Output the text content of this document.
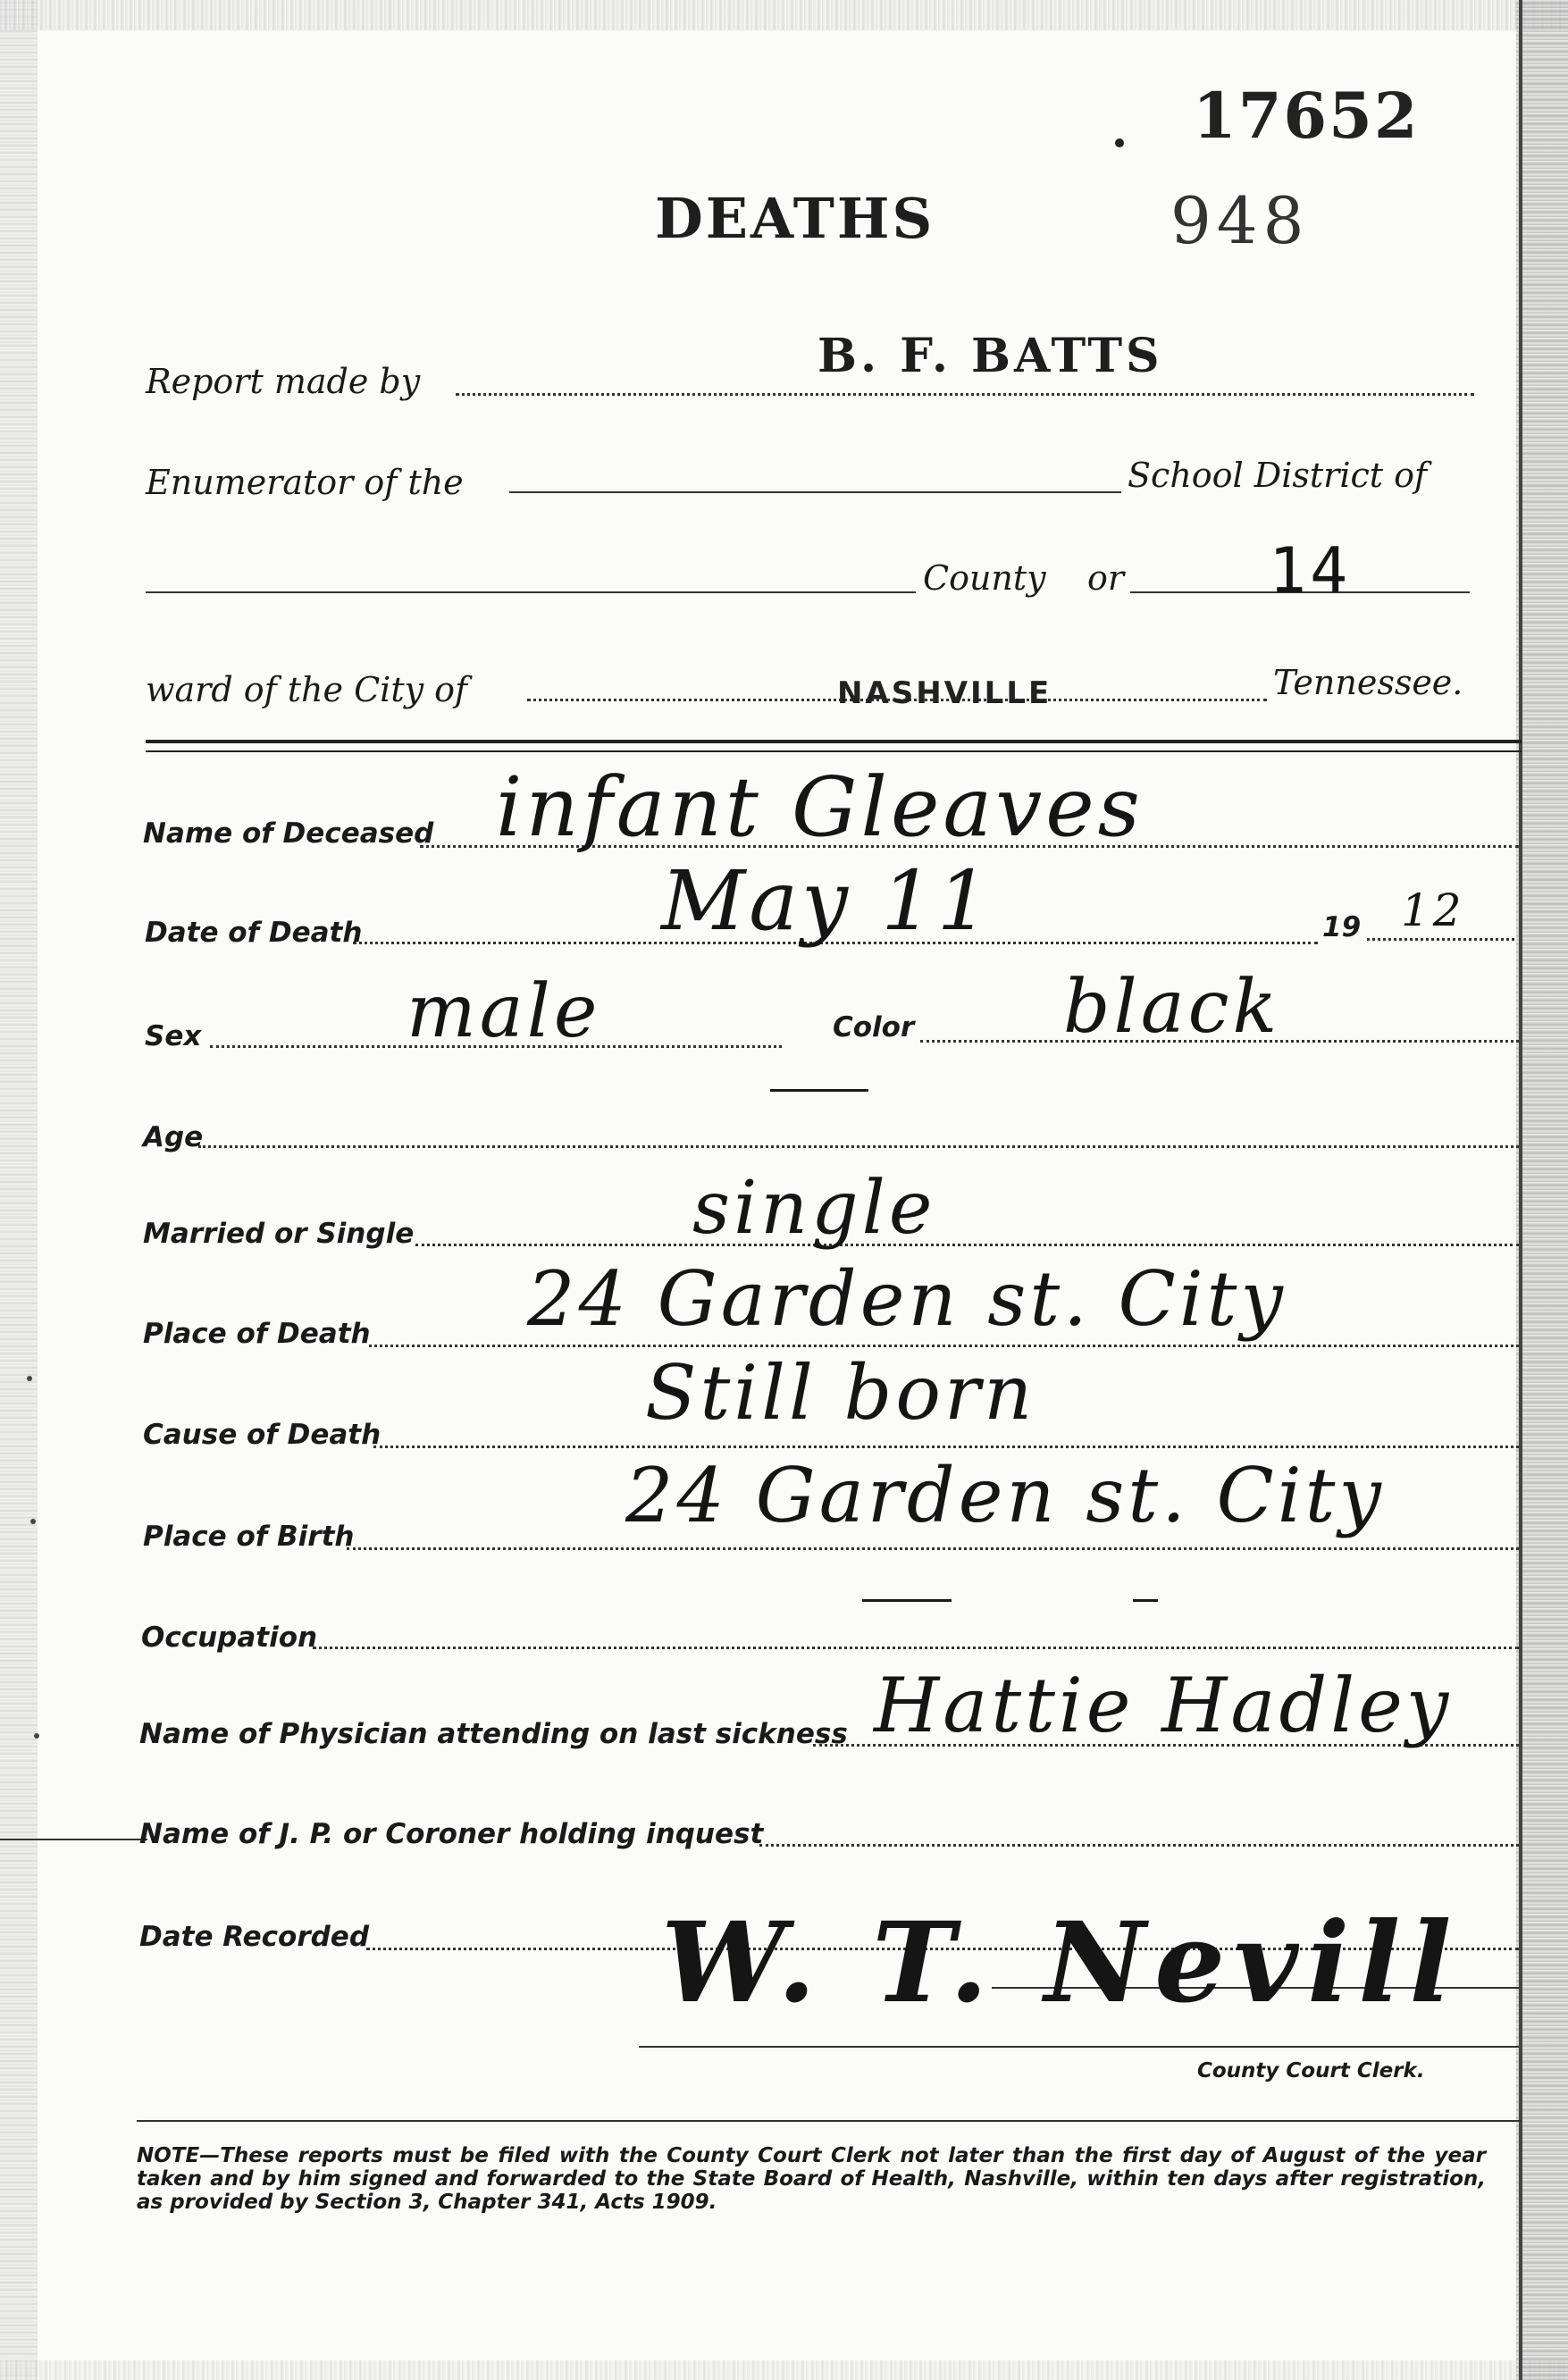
17652
DEATHS	948
Report made by	B. F. BATTS
Enumerator of the	School District of
County or 14
ward of the City of	NASHVILLE	Tennessee.
Name of Deceased infant Gleaves
Date of Death	May 11	19 12
Sex	male	Color black
Age
Married or Single	single
Place of Death 24 Garden st. City
Cause of Death	Still born
Place of Birth	24 Garden st. City
Occupation
Name of Physician attending on last sickness Hattie Hadley
Name of J. P. or Coroner holding inquest
Date Recorded	W. T. Nevill
County Court Clerk.
NOTE—These reports must be filed with the County Court Clerk not later than the first day of August of the year taken and by him signed and forwarded to the State Board of Health, Nashville, within ten days after registration, as provided by Section 3, Chapter 341, Acts 1909.
